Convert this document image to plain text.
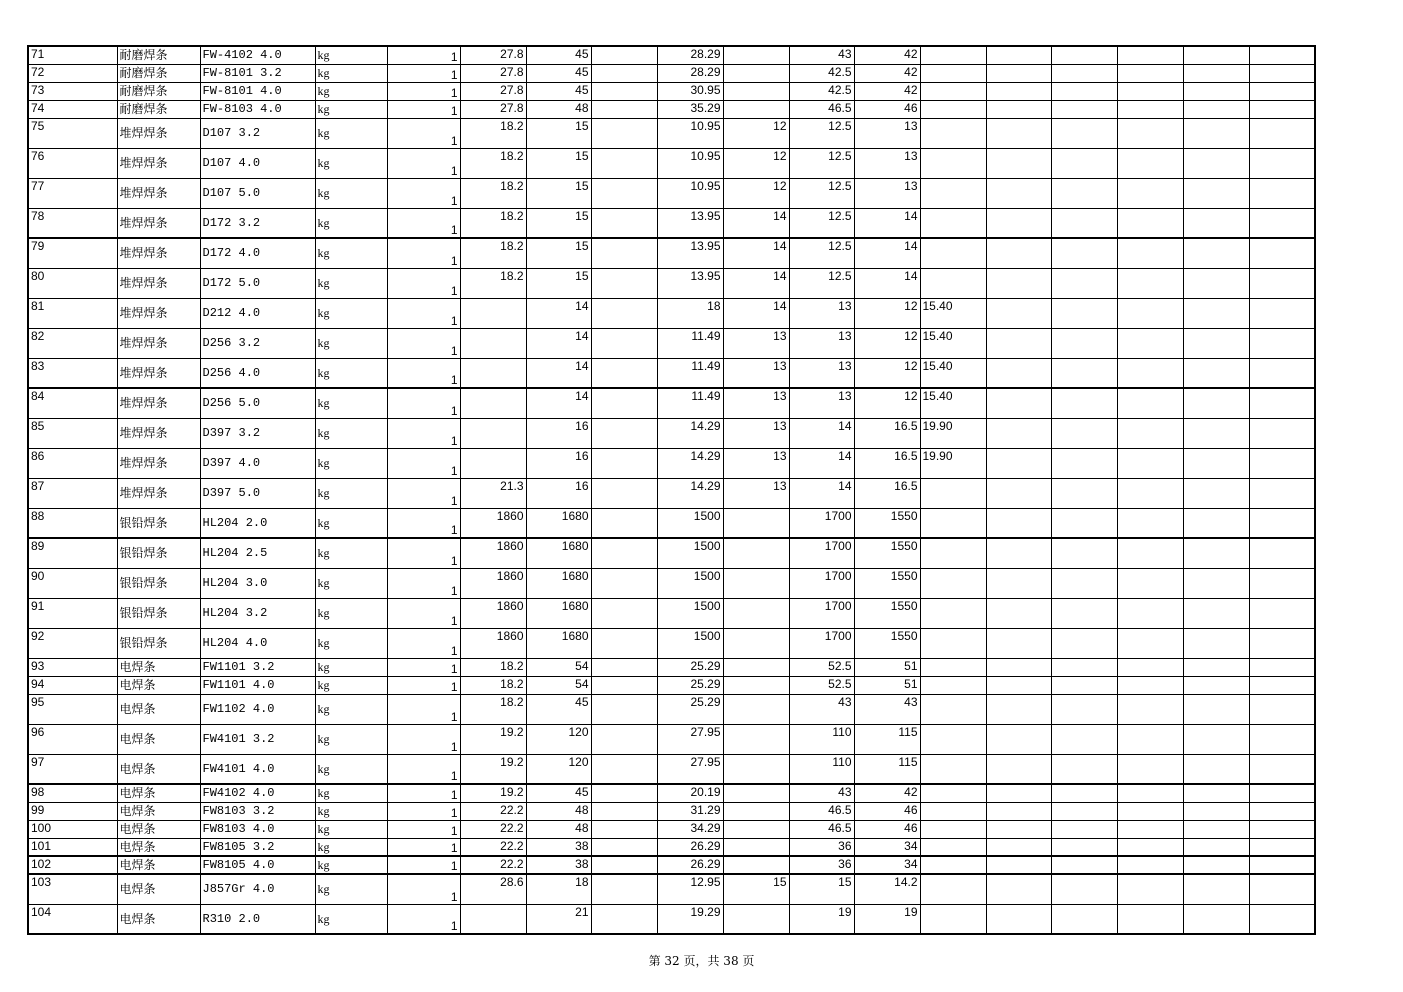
71	耐磨焊条	FW-4102 4.0	kg	1	27.8	45		28.29		43	42						
72	耐磨焊条	FW-8101 3.2	kg	1	27.8	45		28.29		42.5	42						
73	耐磨焊条	FW-8101 4.0	kg	1	27.8	45		30.95		42.5	42						
74	耐磨焊条	FW-8103 4.0	kg	1	27.8	48		35.29		46.5	46						
75	堆焊焊条	D107 3.2	kg	1	18.2	15		10.95	12	12.5	13						
76	堆焊焊条	D107 4.0	kg	1	18.2	15		10.95	12	12.5	13						
77	堆焊焊条	D107 5.0	kg	1	18.2	15		10.95	12	12.5	13						
78	堆焊焊条	D172 3.2	kg	1	18.2	15		13.95	14	12.5	14						
79	堆焊焊条	D172 4.0	kg	1	18.2	15		13.95	14	12.5	14						
80	堆焊焊条	D172 5.0	kg	1	18.2	15		13.95	14	12.5	14						
81	堆焊焊条	D212 4.0	kg	1		14		18	14	13	12	15.40					
82	堆焊焊条	D256 3.2	kg	1		14		11.49	13	13	12	15.40					
83	堆焊焊条	D256 4.0	kg	1		14		11.49	13	13	12	15.40					
84	堆焊焊条	D256 5.0	kg	1		14		11.49	13	13	12	15.40					
85	堆焊焊条	D397 3.2	kg	1		16		14.29	13	14	16.5	19.90					
86	堆焊焊条	D397 4.0	kg	1		16		14.29	13	14	16.5	19.90					
87	堆焊焊条	D397 5.0	kg	1	21.3	16		14.29	13	14	16.5						
88	银铅焊条	HL204 2.0	kg	1	1860	1680		1500		1700	1550						
89	银铅焊条	HL204 2.5	kg	1	1860	1680		1500		1700	1550						
90	银铅焊条	HL204 3.0	kg	1	1860	1680		1500		1700	1550						
91	银铅焊条	HL204 3.2	kg	1	1860	1680		1500		1700	1550						
92	银铅焊条	HL204 4.0	kg	1	1860	1680		1500		1700	1550						
93	电焊条	FW1101 3.2	kg	1	18.2	54		25.29		52.5	51						
94	电焊条	FW1101 4.0	kg	1	18.2	54		25.29		52.5	51						
95	电焊条	FW1102 4.0	kg	1	18.2	45		25.29		43	43						
96	电焊条	FW4101 3.2	kg	1	19.2	120		27.95		110	115						
97	电焊条	FW4101 4.0	kg	1	19.2	120		27.95		110	115						
98	电焊条	FW4102 4.0	kg	1	19.2	45		20.19		43	42						
99	电焊条	FW8103 3.2	kg	1	22.2	48		31.29		46.5	46						
100	电焊条	FW8103 4.0	kg	1	22.2	48		34.29		46.5	46						
101	电焊条	FW8105 3.2	kg	1	22.2	38		26.29		36	34						
102	电焊条	FW8105 4.0	kg	1	22.2	38		26.29		36	34						
103	电焊条	J857Gr 4.0	kg	1	28.6	18		12.95	15	15	14.2						
104	电焊条	R310 2.0	kg	1		21		19.29		19	19						
第 32 页，共 38 页
